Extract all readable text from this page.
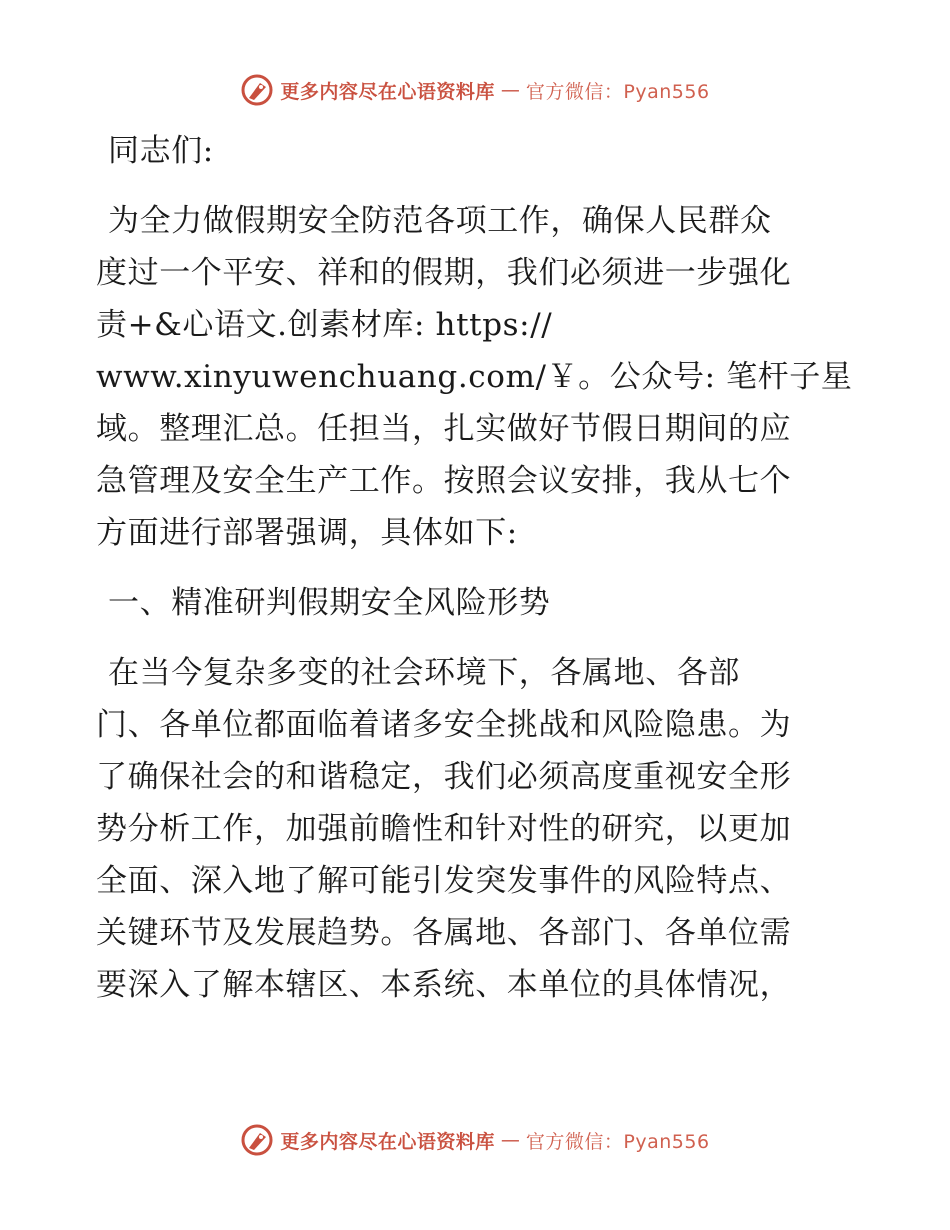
更多内容尽在心语资料库 — 官方微信：Pyan556
同志们:
为全力做假期安全防范各项工作，确保人民群众
度过一个平安、祥和的假期，我们必须进一步强化
责+&心语文.创素材库: https://
www.xinyuwenchuang.com/￥。公众号: 笔杆子星
域。整理汇总。任担当，扎实做好节假日期间的应
急管理及安全生产工作。按照会议安排，我从七个
方面进行部署强调，具体如下:
一、精准研判假期安全风险形势
在当今复杂多变的社会环境下，各属地、各部
门、各单位都面临着诸多安全挑战和风险隐患。为
了确保社会的和谐稳定，我们必须高度重视安全形
势分析工作，加强前瞻性和针对性的研究，以更加
全面、深入地了解可能引发突发事件的风险特点、
关键环节及发展趋势。各属地、各部门、各单位需
要深入了解本辖区、本系统、本单位的具体情况，
更多内容尽在心语资料库 — 官方微信：Pyan556
